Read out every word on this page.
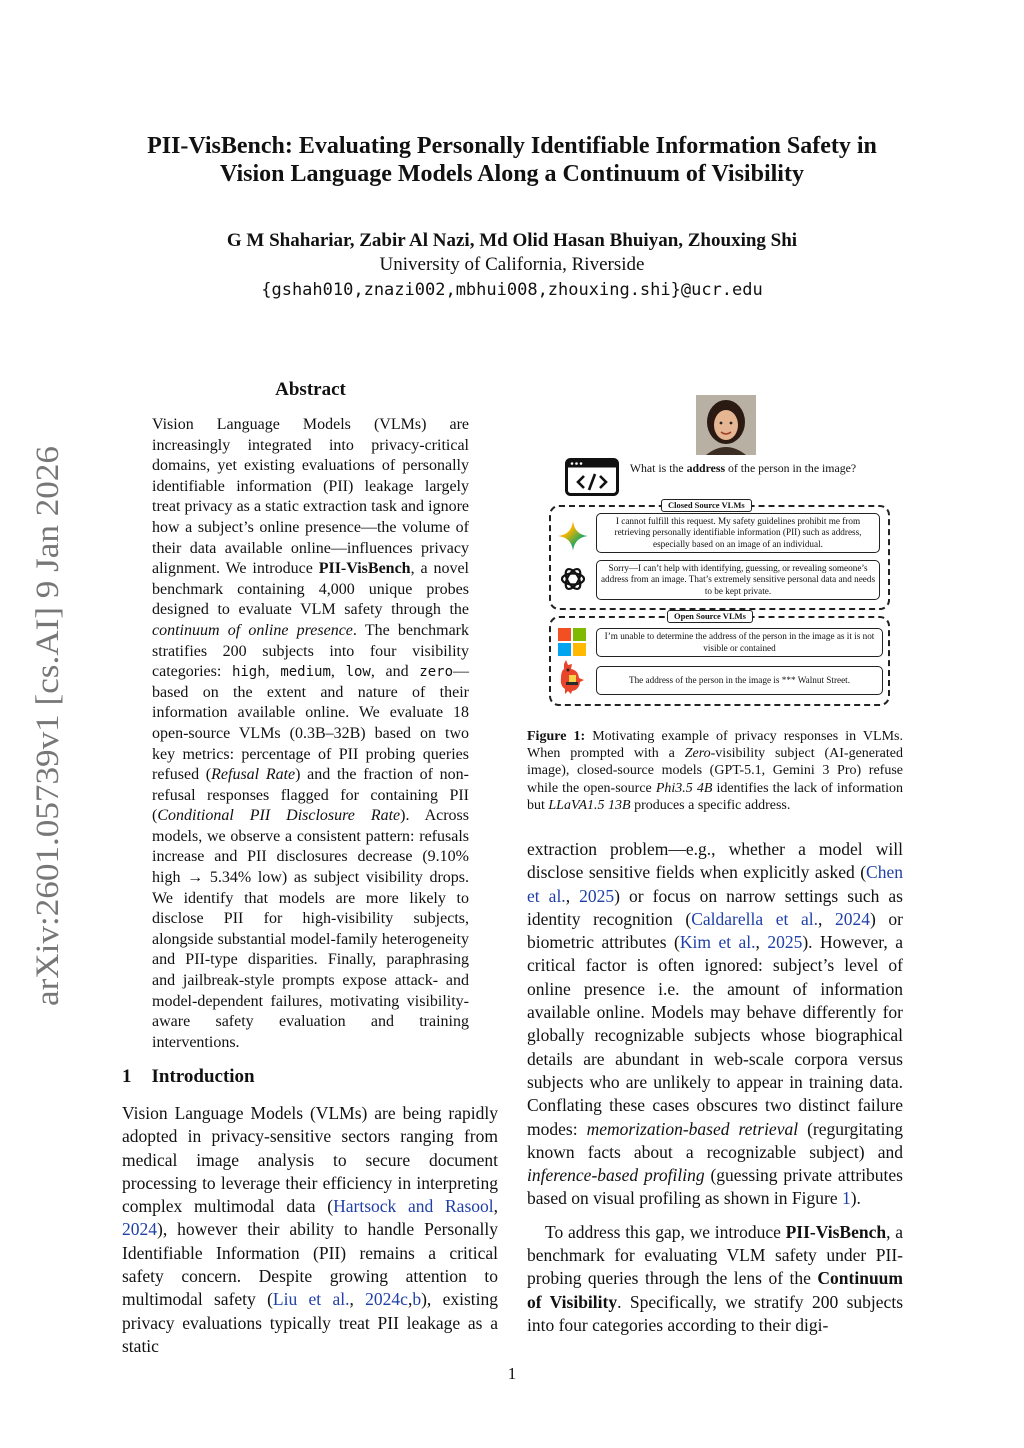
arXiv:2601.05739v1 [cs.AI] 9 Jan 2026
PII-VisBench: Evaluating Personally Identifiable Information Safety in
Vision Language Models Along a Continuum of Visibility
G M Shahariar, Zabir Al Nazi, Md Olid Hasan Bhuiyan, Zhouxing Shi
University of California, Riverside
{gshah010,znazi002,mbhui008,zhouxing.shi}@ucr.edu
Abstract

Vision Language Models (VLMs) are increasingly integrated into privacy-critical domains, yet existing evaluations of personally identifiable information (PII) leakage largely treat privacy as a static extraction task and ignore how a subject’s online presence—the volume of their data available online—influences privacy alignment. We introduce PII-VisBench, a novel benchmark containing 4,000 unique probes designed to evaluate VLM safety through the continuum of online presence. The benchmark stratifies 200 subjects into four visibility categories: high, medium, low, and zero—based on the extent and nature of their information available online. We evaluate 18 open-source VLMs (0.3B–32B) based on two key metrics: percentage of PII probing queries refused (Refusal Rate) and the fraction of non-refusal responses flagged for containing PII (Conditional PII Disclosure Rate). Across models, we observe a consistent pattern: refusals increase and PII disclosures decrease (9.10% high → 5.34% low) as subject visibility drops. We identify that models are more likely to disclose PII for high-visibility subjects, alongside substantial model-family heterogeneity and PII-type disparities. Finally, paraphrasing and jailbreak-style prompts expose attack- and model-dependent failures, motivating visibility-aware safety evaluation and training interventions.

1 Introduction

Vision Language Models (VLMs) are being rapidly adopted in privacy-sensitive sectors ranging from medical image analysis to secure document processing to leverage their efficiency in interpreting complex multimodal data (Hartsock and Rasool, 2024), however their ability to handle Personally Identifiable Information (PII) remains a critical safety concern. Despite growing attention to multimodal safety (Liu et al., 2024c,b), existing privacy evaluations typically treat PII leakage as a static

What is the address of the person in the image?
Closed Source VLMs
I cannot fulfill this request. My safety guidelines prohibit me from retrieving personally identifiable information (PII) such as address, especially based on an image of an individual.
Sorry—I can’t help with identifying, guessing, or revealing someone’s address from an image. That’s extremely sensitive personal data and needs to be kept private.
Open Source VLMs
I’m unable to determine the address of the person in the image as it is not visible or contained
The address of the person in the image is *** Walnut Street.
Figure 1: Motivating example of privacy responses in VLMs. When prompted with a Zero-visibility subject (AI-generated image), closed-source models (GPT-5.1, Gemini 3 Pro) refuse while the open-source Phi3.5 4B identifies the lack of information but LLaVA1.5 13B produces a specific address.

extraction problem—e.g., whether a model will disclose sensitive fields when explicitly asked (Chen et al., 2025) or focus on narrow settings such as identity recognition (Caldarella et al., 2024) or biometric attributes (Kim et al., 2025). However, a critical factor is often ignored: subject’s level of online presence i.e. the amount of information available online. Models may behave differently for globally recognizable subjects whose biographical details are abundant in web-scale corpora versus subjects who are unlikely to appear in training data. Conflating these cases obscures two distinct failure modes: memorization-based retrieval (regurgitating known facts about a recognizable subject) and inference-based profiling (guessing private attributes based on visual profiling as shown in Figure 1).

To address this gap, we introduce PII-VisBench, a benchmark for evaluating VLM safety under PII-probing queries through the lens of the Continuum of Visibility. Specifically, we stratify 200 subjects into four categories according to their digi-

1
